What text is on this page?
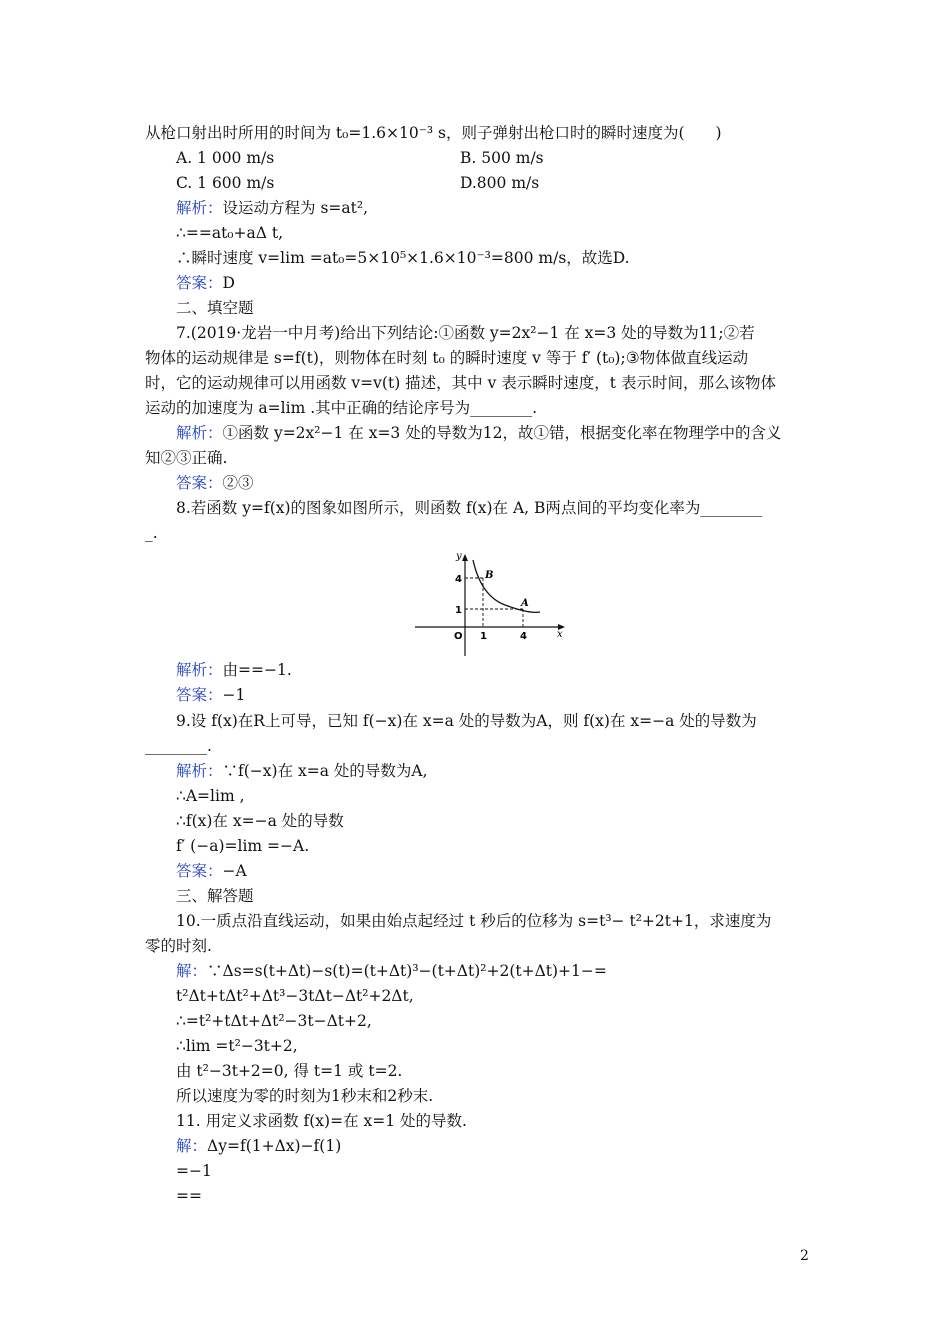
从枪口射出时所用的时间为 t₀=1.6×10⁻³ s，则子弹射出枪口时的瞬时速度为(　　)
A. 1 000 m/s	B. 500 m/s
C. 1 600 m/s	D.800 m/s
解析：设运动方程为 s=at²,
∴==at₀+aΔ t,
∴瞬时速度 v=lim =at₀=5×10⁵×1.6×10⁻³=800 m/s，故选D.
答案：D
二、填空题
7.(2019·龙岩一中月考)给出下列结论:①函数 y=2x²−1 在 x=3 处的导数为11;②若
物体的运动规律是 s=f(t)，则物体在时刻 t₀ 的瞬时速度 v 等于 f′ (t₀);③物体做直线运动
时，它的运动规律可以用函数 v=v(t) 描述，其中 v 表示瞬时速度，t 表示时间，那么该物体
运动的加速度为 a=lim .其中正确的结论序号为________.
解析：①函数 y=2x²−1 在 x=3 处的导数为12，故①错，根据变化率在物理学中的含义
知②③正确.
答案：②③
8.若函数 y=f(x)的图象如图所示，则函数 f(x)在 A, B两点间的平均变化率为________
_.
y
x
O
4
1
1	4
B
A
解析：由==−1.
答案：−1
9.设 f(x)在R上可导，已知 f(−x)在 x=a 处的导数为A，则 f(x)在 x=−a 处的导数为
________.
解析：∵f(−x)在 x=a 处的导数为A,
∴A=lim ,
∴f(x)在 x=−a 处的导数
f′ (−a)=lim =−A.
答案：−A
三、解答题
10.一质点沿直线运动，如果由始点起经过 t 秒后的位移为 s=t³− t²+2t+1，求速度为
零的时刻.
解：∵Δs=s(t+Δt)−s(t)=(t+Δt)³−(t+Δt)²+2(t+Δt)+1−=
t²Δt+tΔt²+Δt³−3tΔt−Δt²+2Δt,
∴=t²+tΔt+Δt²−3t−Δt+2,
∴lim =t²−3t+2,
由 t²−3t+2=0, 得 t=1 或 t=2.
所以速度为零的时刻为1秒末和2秒末.
11. 用定义求函数 f(x)=在 x=1 处的导数.
解：Δy=f(1+Δx)−f(1)
=−1
==
2
